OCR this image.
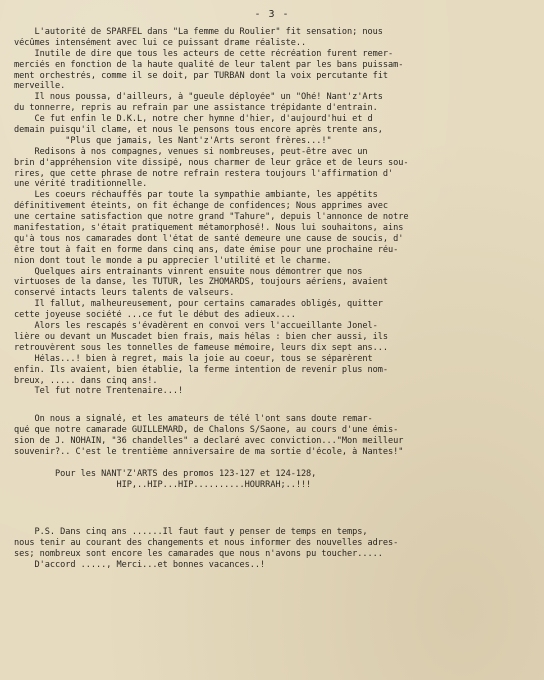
- 3 -
L'autorité de SPARFEL dans "La femme du Roulier" fit sensation; nous
vécûmes intensément avec lui ce puissant drame réaliste..
Inutile de dire que tous les acteurs de cette récréation furent remer-
merciés en fonction de la haute qualité de leur talent par les bans puissam-
ment orchestrés, comme il se doit, par TURBAN dont la voix percutante fit
merveille.
Il nous poussa, d'ailleurs, à "gueule déployée" un "Ohé! Nant'z'Arts
du tonnerre, repris au refrain par une assistance trépidante d'entrain.
Ce fut enfin le D.K.L, notre cher hymne d'hier, d'aujourd'hui et d
demain puisqu'il clame, et nous le pensons tous encore après trente ans,
"Plus que jamais, les Nant'z'Arts seront frères...!"
Redisons à nos compagnes, venues si nombreuses, peut-être avec un
brin d'appréhension vite dissipé, nous charmer de leur grâce et de leurs sou-
rires, que cette phrase de notre refrain restera toujours l'affirmation d'
une vérité traditionnelle.
Les coeurs réchauffés par toute la sympathie ambiante, les appétits
définitivement éteints, on fit échange de confidences; Nous apprimes avec
une certaine satisfaction que notre grand "Tahure", depuis l'annonce de notre
manifestation, s'était pratiquement métamorphosé!. Nous lui souhaitons, ains
qu'à tous nos camarades dont l'état de santé demeure une cause de soucis, d'
être tout à fait en forme dans cinq ans, date émise pour une prochaine réu-
nion dont tout le monde a pu apprecier l'utilité et le charme.
Quelques airs entrainants vinrent ensuite nous démontrer que nos
virtuoses de la danse, les TUTUR, les ZHOMARDS, toujours aériens, avaient
conservé intacts leurs talents de valseurs.
Il fallut, malheureusement, pour certains camarades obligés, quitter
cette joyeuse société ...ce fut le début des adieux....
Alors les rescapés s'évadèrent en convoi vers l'accueillante Jonel-
lière ou devant un Muscadet bien frais, mais hélas : bien cher aussi, ils
retrouvèrent sous les tonnelles de fameuse mémoire, leurs dix sept ans...
Hélas...! bien à regret, mais la joie au coeur, tous se séparèrent
enfin. Ils avaient, bien établie, la ferme intention de revenir plus nom-
breux, ..... dans cinq ans!.
Tel fut notre Trentenaire...!
On nous a signalé, et les amateurs de télé l'ont sans doute remar-
qué que notre camarade GUILLEMARD, de Chalons S/Saone, au cours d'une émis-
sion de J. NOHAIN, "36 chandelles" a declaré avec conviction..."Mon meilleur
souvenir?.. C'est le trentième anniversaire de ma sortie d'école, à Nantes!"
Pour les NANT'Z'ARTS des promos 123-127 et 124-128,
HIP,..HIP...HIP..........HOURRAH;..!!!
P.S. Dans cinq ans ......Il faut faut y penser de temps en temps,
nous tenir au courant des changements et nous informer des nouvelles adres-
ses; nombreux sont encore les camarades que nous n'avons pu toucher.....
D'accord ....., Merci...et bonnes vacances..!
